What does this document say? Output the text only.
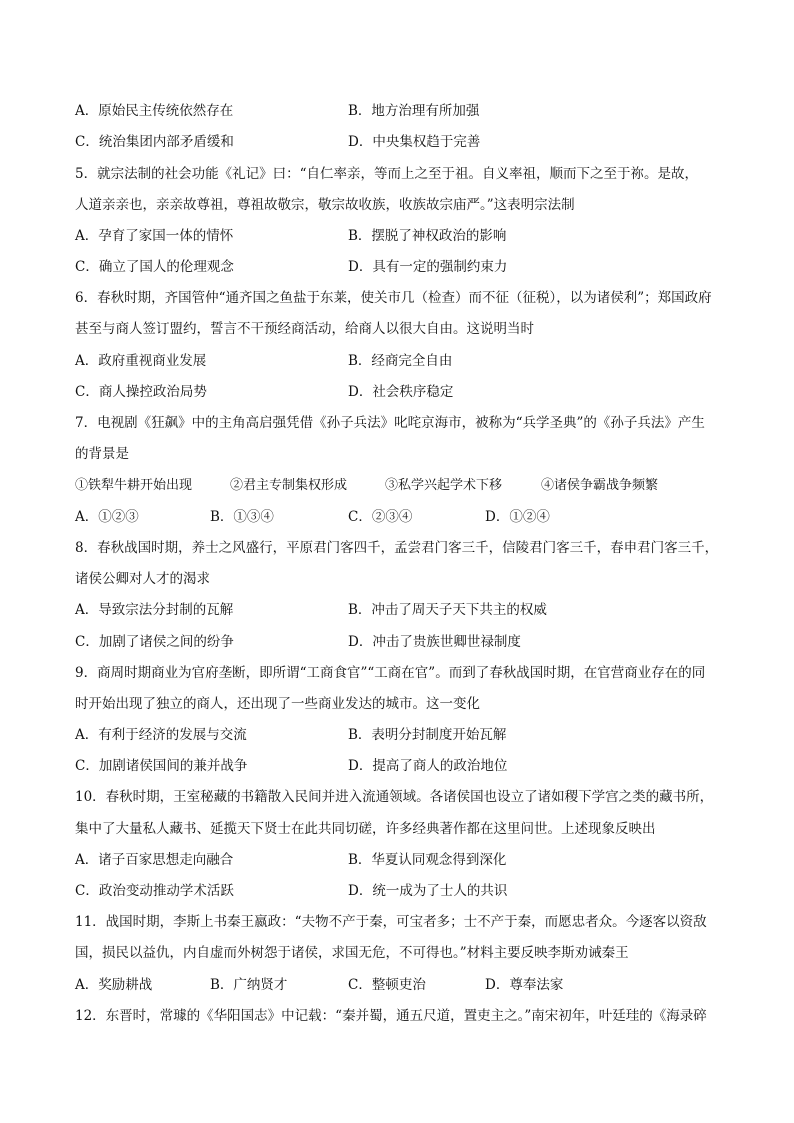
A．原始民主传统依然存在	B．地方治理有所加强
C．统治集团内部矛盾缓和	D．中央集权趋于完善
5．就宗法制的社会功能《礼记》曰：“自仁率亲，等而上之至于祖。自义率祖，顺而下之至于祢。是故，
人道亲亲也，亲亲故尊祖，尊祖故敬宗，敬宗故收族，收族故宗庙严。”这表明宗法制
A．孕育了家国一体的情怀	B．摆脱了神权政治的影响
C．确立了国人的伦理观念	D．具有一定的强制约束力
6．春秋时期，齐国管仲“通齐国之鱼盐于东莱，使关市几（检查）而不征（征税），以为诸侯利”；郑国政府
甚至与商人签订盟约，誓言不干预经商活动，给商人以很大自由。这说明当时
A．政府重视商业发展	B．经商完全自由
C．商人操控政治局势	D．社会秩序稳定
7．电视剧《狂飙》中的主角高启强凭借《孙子兵法》叱咤京海市，被称为“兵学圣典”的《孙子兵法》产生
的背景是
①铁犁牛耕开始出现	②君主专制集权形成	③私学兴起学术下移	④诸侯争霸战争频繁
A．①②③	B．①③④	C．②③④	D．①②④
8．春秋战国时期，养士之风盛行，平原君门客四千，孟尝君门客三千，信陵君门客三千，春申君门客三千，
诸侯公卿对人才的渴求
A．导致宗法分封制的瓦解	B．冲击了周天子天下共主的权威
C．加剧了诸侯之间的纷争	D．冲击了贵族世卿世禄制度
9．商周时期商业为官府垄断，即所谓“工商食官”“工商在官”。而到了春秋战国时期，在官营商业存在的同
时开始出现了独立的商人，还出现了一些商业发达的城市。这一变化
A．有利于经济的发展与交流	B．表明分封制度开始瓦解
C．加剧诸侯国间的兼并战争	D．提高了商人的政治地位
10．春秋时期，王室秘藏的书籍散入民间并进入流通领域。各诸侯国也设立了诸如稷下学宫之类的藏书所，
集中了大量私人藏书、延揽天下贤士在此共同切磋，许多经典著作都在这里问世。上述现象反映出
A．诸子百家思想走向融合	B．华夏认同观念得到深化
C．政治变动推动学术活跃	D．统一成为了士人的共识
11．战国时期，李斯上书秦王嬴政：“夫物不产于秦，可宝者多；士不产于秦，而愿忠者众。今逐客以资敌
国，损民以益仇，内自虚而外树怨于诸侯，求国无危，不可得也。”材料主要反映李斯劝诫秦王
A．奖励耕战	B．广纳贤才	C．整顿吏治	D．尊奉法家
12．东晋时，常璩的《华阳国志》中记载：“秦并蜀，通五尺道，置吏主之。”南宋初年，叶廷珪的《海录碎
